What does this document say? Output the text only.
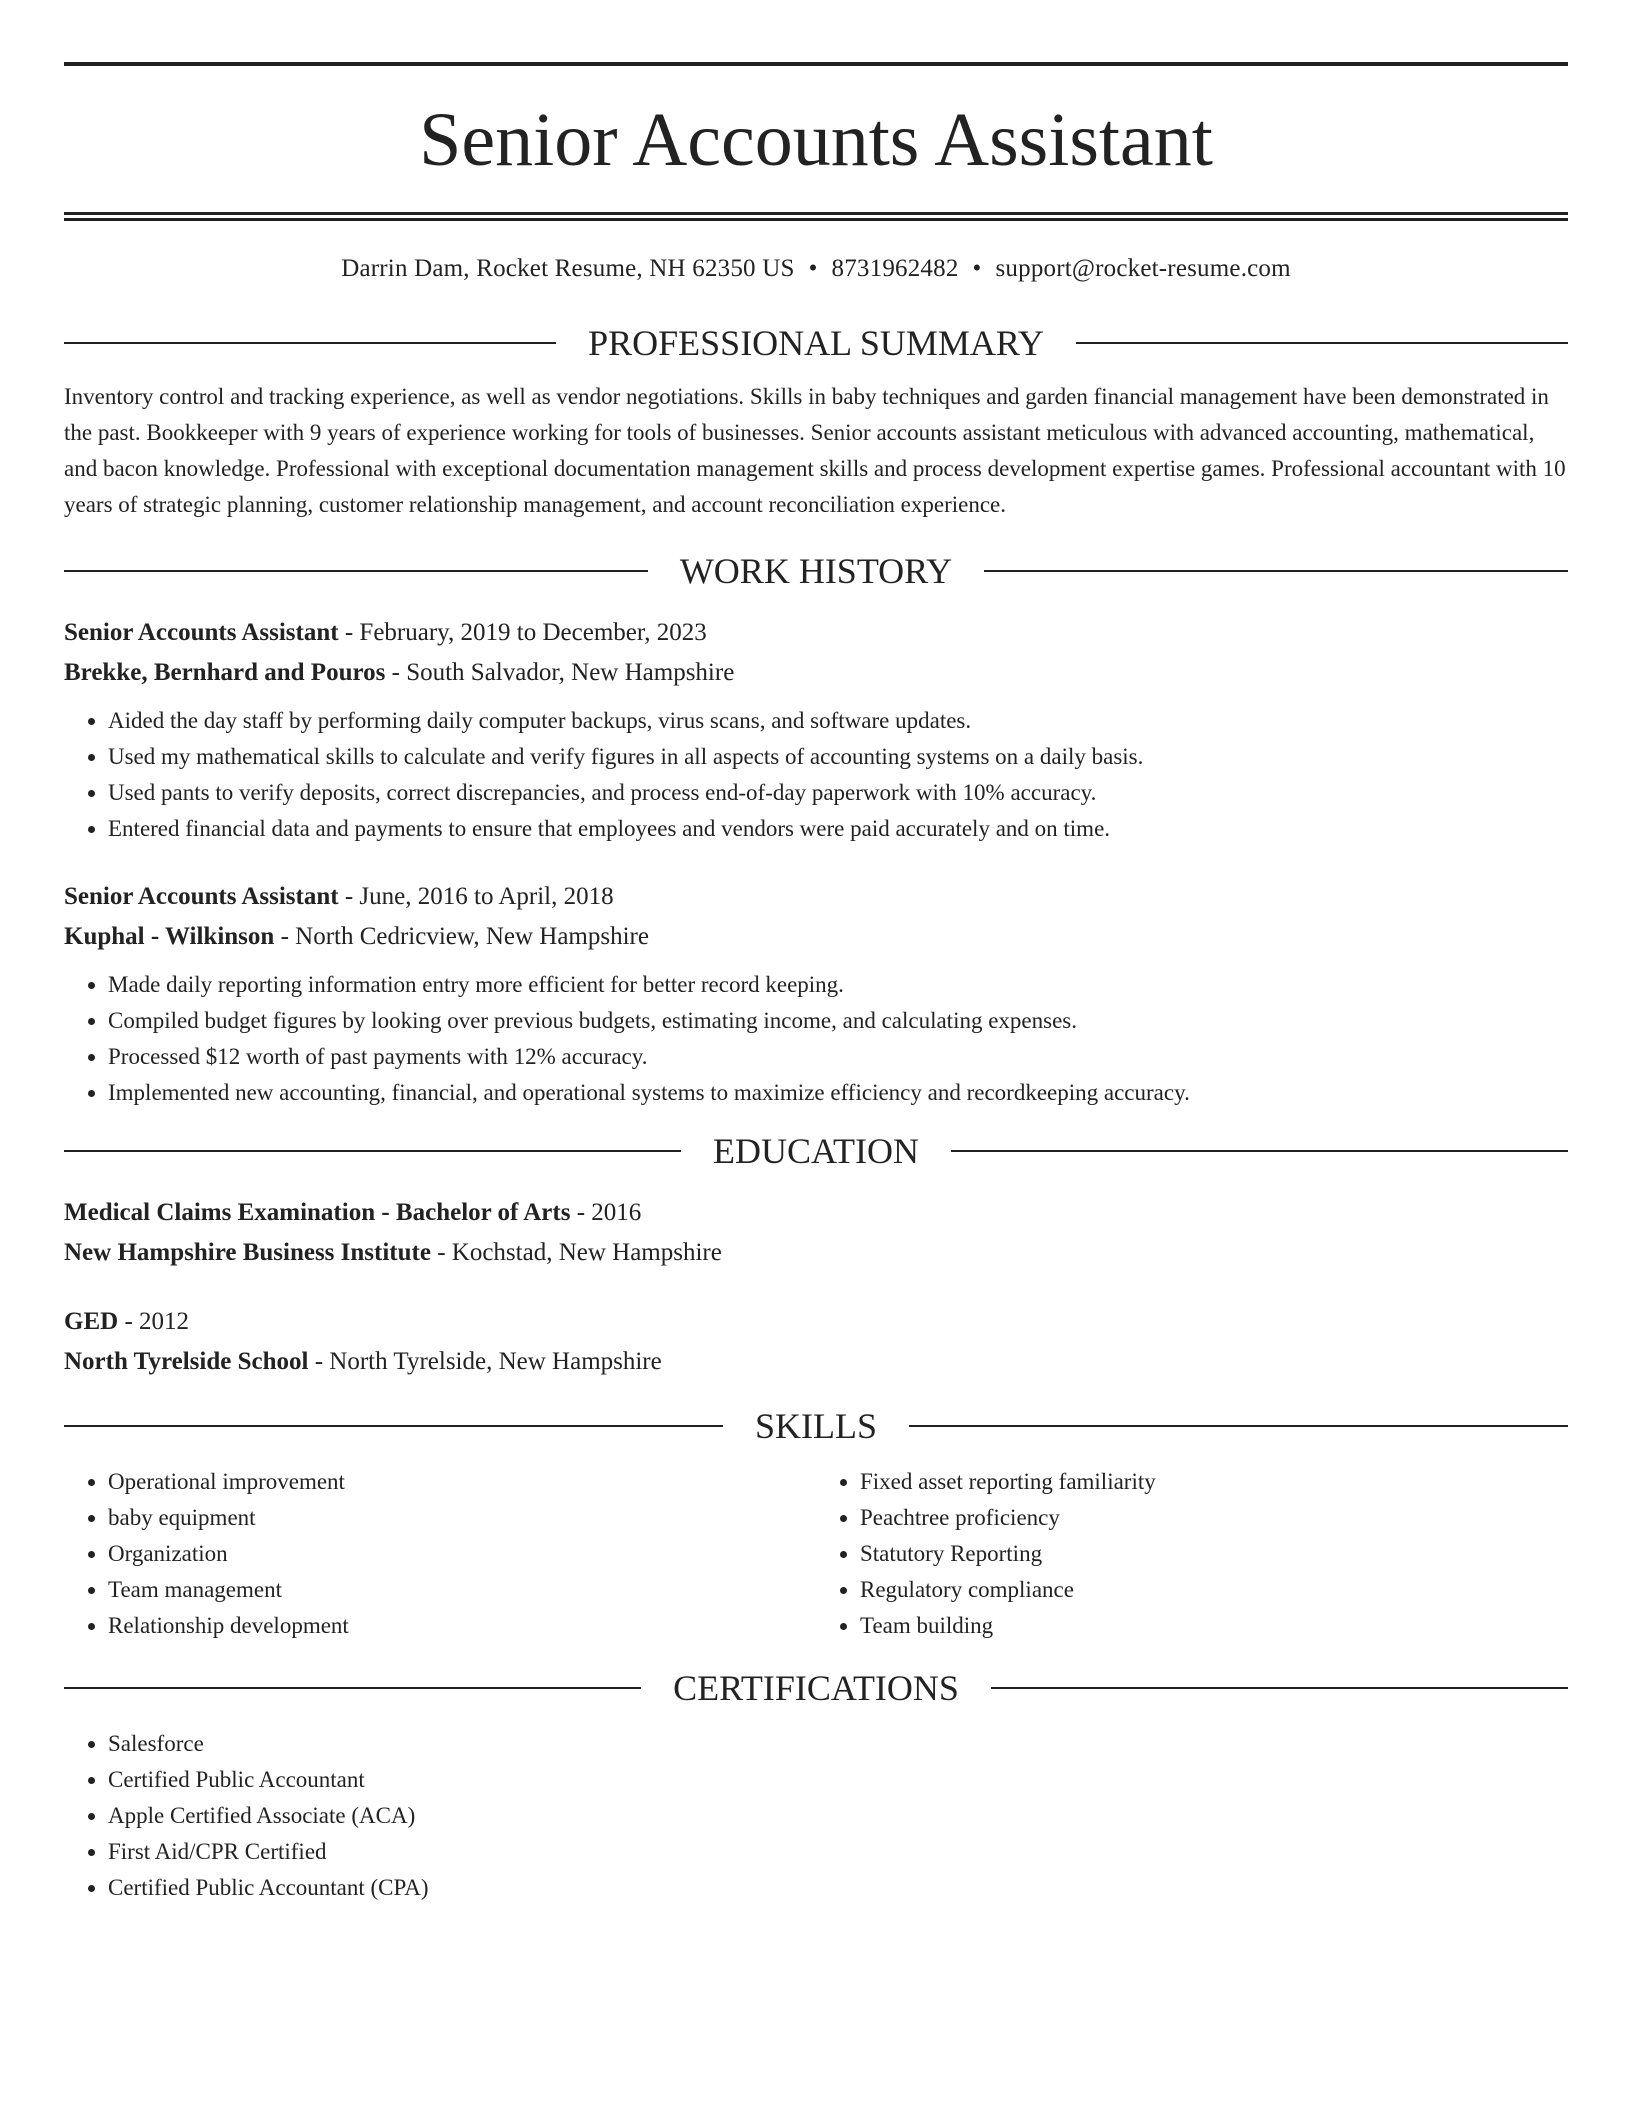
Senior Accounts Assistant
Darrin Dam, Rocket Resume, NH 62350 US • 8731962482 • support@rocket-resume.com
PROFESSIONAL SUMMARY
Inventory control and tracking experience, as well as vendor negotiations. Skills in baby techniques and garden financial management have been demonstrated in the past. Bookkeeper with 9 years of experience working for tools of businesses. Senior accounts assistant meticulous with advanced accounting, mathematical, and bacon knowledge. Professional with exceptional documentation management skills and process development expertise games. Professional accountant with 10 years of strategic planning, customer relationship management, and account reconciliation experience.
WORK HISTORY
Senior Accounts Assistant - February, 2019 to December, 2023
Brekke, Bernhard and Pouros - South Salvador, New Hampshire
• Aided the day staff by performing daily computer backups, virus scans, and software updates.
• Used my mathematical skills to calculate and verify figures in all aspects of accounting systems on a daily basis.
• Used pants to verify deposits, correct discrepancies, and process end-of-day paperwork with 10% accuracy.
• Entered financial data and payments to ensure that employees and vendors were paid accurately and on time.
Senior Accounts Assistant - June, 2016 to April, 2018
Kuphal - Wilkinson - North Cedricview, New Hampshire
• Made daily reporting information entry more efficient for better record keeping.
• Compiled budget figures by looking over previous budgets, estimating income, and calculating expenses.
• Processed $12 worth of past payments with 12% accuracy.
• Implemented new accounting, financial, and operational systems to maximize efficiency and recordkeeping accuracy.
EDUCATION
Medical Claims Examination - Bachelor of Arts - 2016
New Hampshire Business Institute - Kochstad, New Hampshire
GED - 2012
North Tyrelside School - North Tyrelside, New Hampshire
SKILLS
• Operational improvement
• baby equipment
• Organization
• Team management
• Relationship development
• Fixed asset reporting familiarity
• Peachtree proficiency
• Statutory Reporting
• Regulatory compliance
• Team building
CERTIFICATIONS
• Salesforce
• Certified Public Accountant
• Apple Certified Associate (ACA)
• First Aid/CPR Certified
• Certified Public Accountant (CPA)
